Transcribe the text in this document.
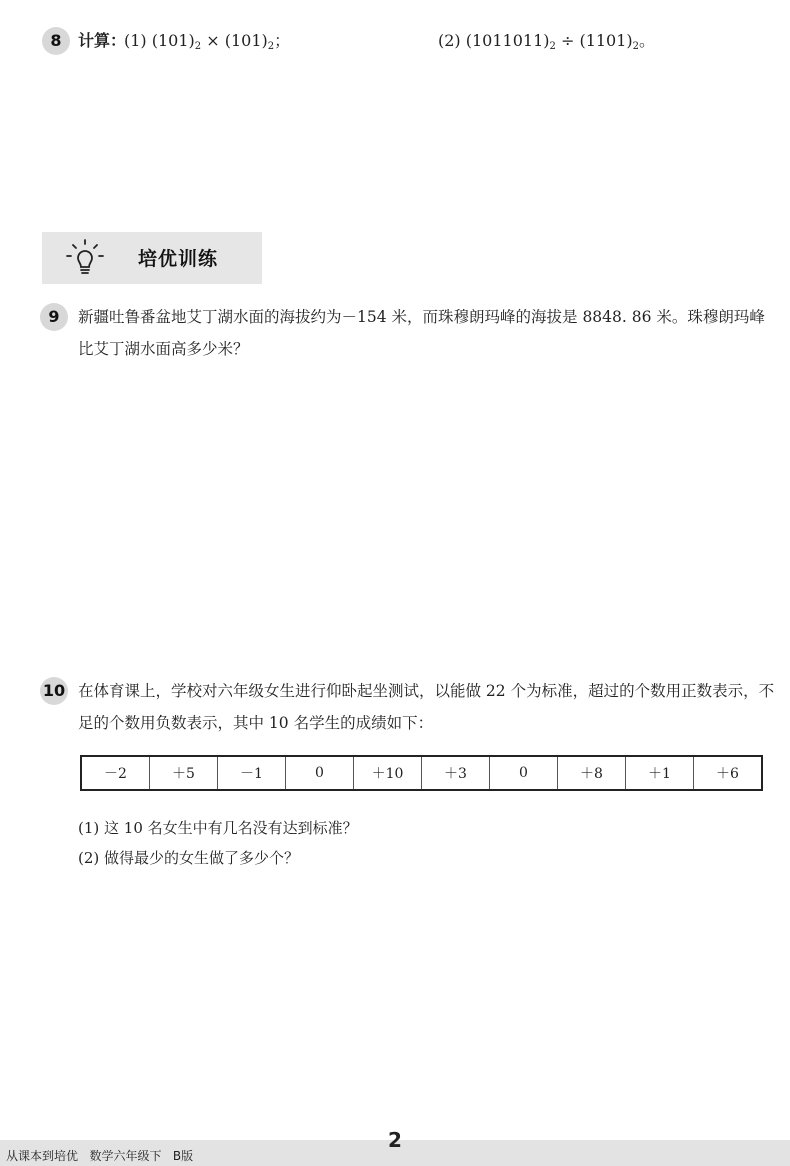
8	计算：
(1) $(101)_2 \times (101)_2$；	(2) $(1011011)_2 \div (1101)_2$。
培优训练
9	新疆吐鲁番盆地艾丁湖水面的海拔约为－154 米，而珠穆朗玛峰的海拔是 8848. 86 米。珠穆朗玛峰比艾丁湖水面高多少米？
10 在体育课上，学校对六年级女生进行仰卧起坐测试，以能做 22 个为标准，超过的个数用正数表示，不足的个数用负数表示，其中 10 名学生的成绩如下：
－2	＋5	－1	0	＋10	＋3	0	＋8	＋1	＋6
(1) 这 10 名女生中有几名没有达到标准？
(2) 做得最少的女生做了多少个？
从课本到培优   数学六年级下   B版
2
